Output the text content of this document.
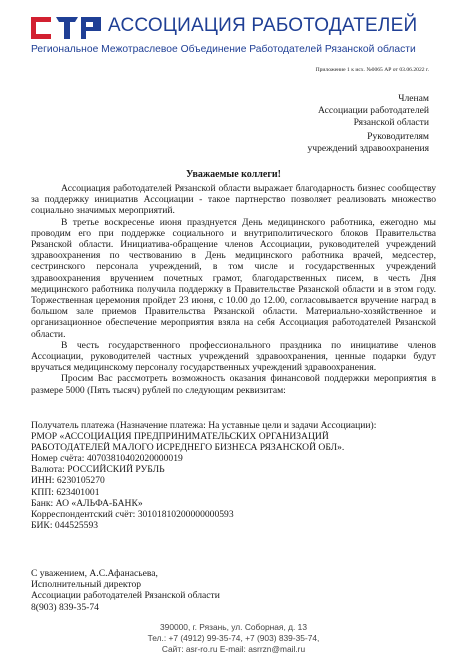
АССОЦИАЦИЯ РАБОТОДАТЕЛЕЙ
Региональное Межотраслевое Объединение Работодателей Рязанской области
Приложение 1 к исх. №0065 АР от 03.06.2022 г.
Членам
Ассоциации работодателей
Рязанской области
Руководителям
учреждений здравоохранения
Уважаемые коллеги!

Ассоциация работодателей Рязанской области выражает благодарность бизнес сообществу за поддержку инициатив Ассоциации - такое партнерство позволяет реализовать множество социально значимых мероприятий.

В третье воскресенье июня празднуется День медицинского работника, ежегодно мы проводим его при поддержке социального и внутриполитического блоков Правительства Рязанской области. Инициатива-обращение членов Ассоциации, руководителей учреждений здравоохранения по чествованию в День медицинского работника врачей, медсестер, сестринского персонала учреждений, в том числе и государственных учреждений здравоохранения вручением почетных грамот, благодарственных писем, в честь Дня медицинского работника получила поддержку в Правительстве Рязанской области и в этом году. Торжественная церемония пройдет 23 июня, с 10.00 до 12.00, согласовывается вручение наград в большом зале приемов Правительства Рязанской области. Материально-хозяйственное и организационное обеспечение мероприятия взяла на себя Ассоциация работодателей Рязанской области.

В честь государственного профессионального праздника по инициативе членов Ассоциации, руководителей частных учреждений здравоохранения, ценные подарки будут вручаться медицинскому персоналу государственных учреждений здравоохранения.

Просим Вас рассмотреть возможность оказания финансовой поддержки мероприятия в размере 5000 (Пять тысяч) рублей по следующим реквизитам:

Получатель платежа (Назначение платежа: На уставные цели и задачи Ассоциации):
РМОР «АССОЦИАЦИЯ ПРЕДПРИНИМАТЕЛЬСКИХ ОРГАНИЗАЦИЙ
РАБОТОДАТЕЛЕЙ МАЛОГО ИСРЕДНЕГО БИЗНЕСА РЯЗАНСКОЙ ОБЛ».
Номер счёта: 40703810402020000019
Валюта: РОССИЙСКИЙ РУБЛЬ
ИНН: 6230105270
КПП: 623401001
Банк: АО «АЛЬФА-БАНК»
Корреспондентский счёт: 30101810200000000593
БИК: 044525593
С уважением, А.С.Афанасьева,
Исполнительный директор
Ассоциации работодателей Рязанской области
8(903) 839-35-74
390000, г. Рязань, ул. Соборная, д. 13
Тел.: +7 (4912) 99-35-74, +7 (903) 839-35-74,
Сайт: asr-ro.ru E-mail: asrrzn@mail.ru
